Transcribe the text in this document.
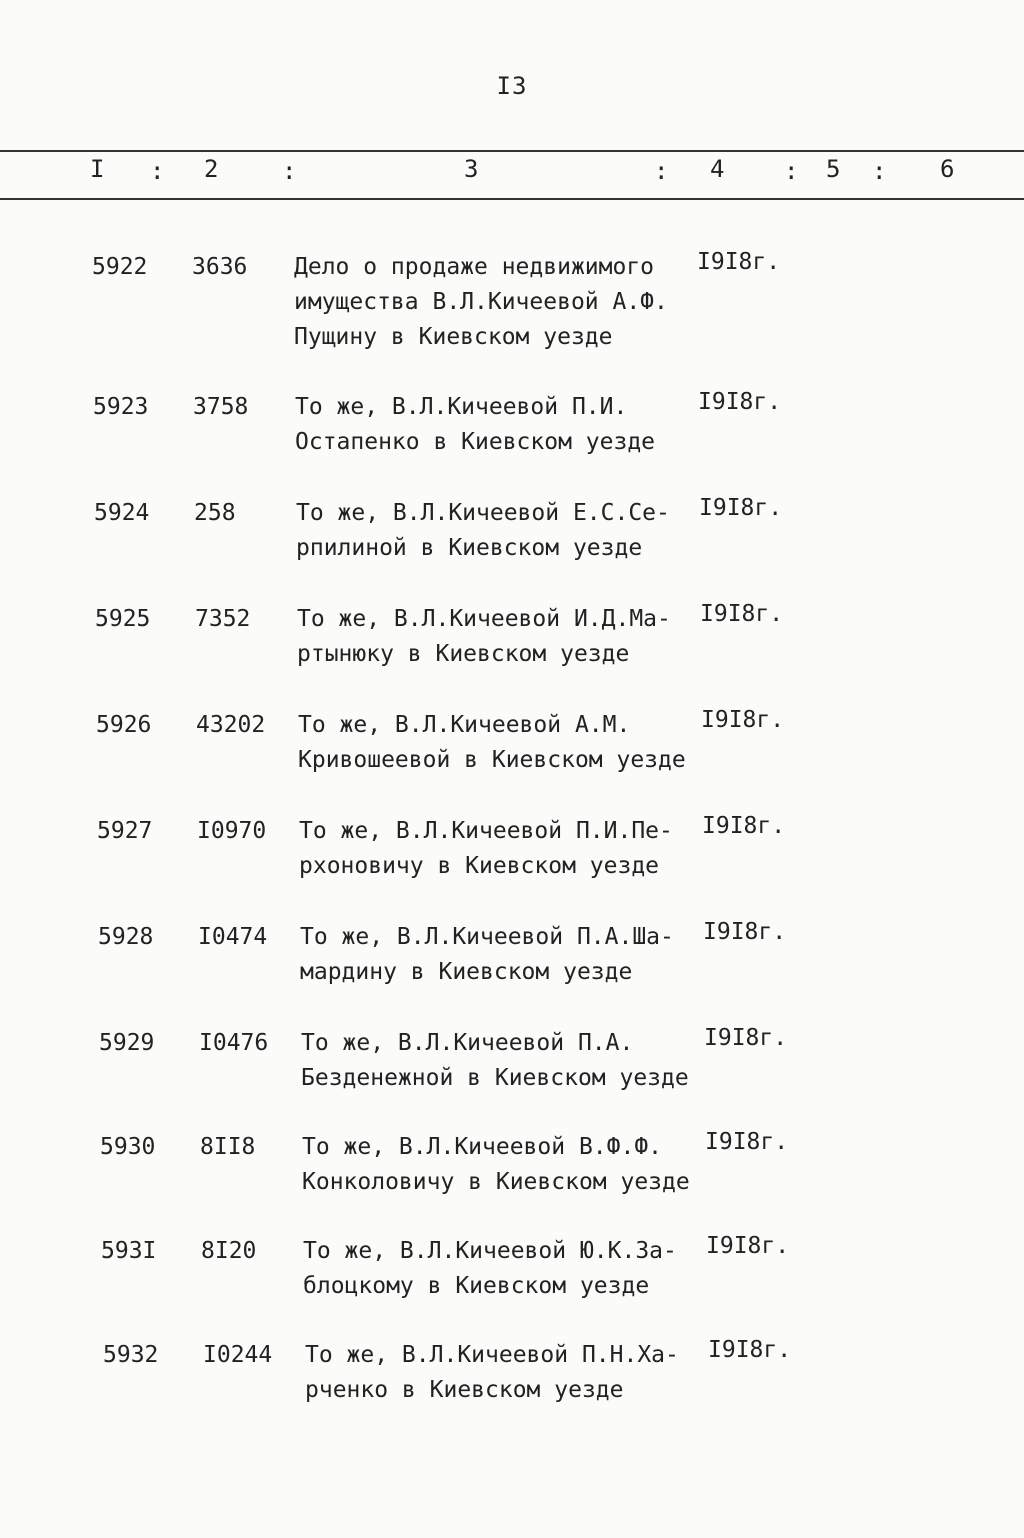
I3
I : 2	:	3	: 4 : 5 : 6
5922 3636 Дело о продаже недвижимого
имущества В.Л.Кичеевой А.Ф.
Пущину в Киевском уезде
I9I8г.
5923 3758 То же, В.Л.Кичеевой П.И.
Остапенко в Киевском уезде
I9I8г.
5924 258	То же, В.Л.Кичеевой Е.С.Се-
рпилиной в Киевском уезде
I9I8г.
5925 7352 То же, В.Л.Кичеевой И.Д.Ма-
ртынюку в Киевском уезде
I9I8г.
5926 43202 То же, В.Л.Кичеевой А.М.
Кривошеевой в Киевском уезде
I9I8г.
5927 I0970 То же, В.Л.Кичеевой П.И.Пе-
рхоновичу в Киевском уезде
I9I8г.
5928 I0474 То же, В.Л.Кичеевой П.А.Ша-
мардину в Киевском уезде
I9I8г.
5929 I0476 То же, В.Л.Кичеевой П.А.
Безденежной в Киевском уезде
I9I8г.
5930 8II8 То же, В.Л.Кичеевой В.Ф.Ф.
Конколовичу в Киевском уезде
I9I8г.
593I 8I20 То же, В.Л.Кичеевой Ю.К.За-
блоцкому в Киевском уезде
I9I8г.
5932 I0244 То же, В.Л.Кичеевой П.Н.Ха-
рченко в Киевском уезде
I9I8г.
